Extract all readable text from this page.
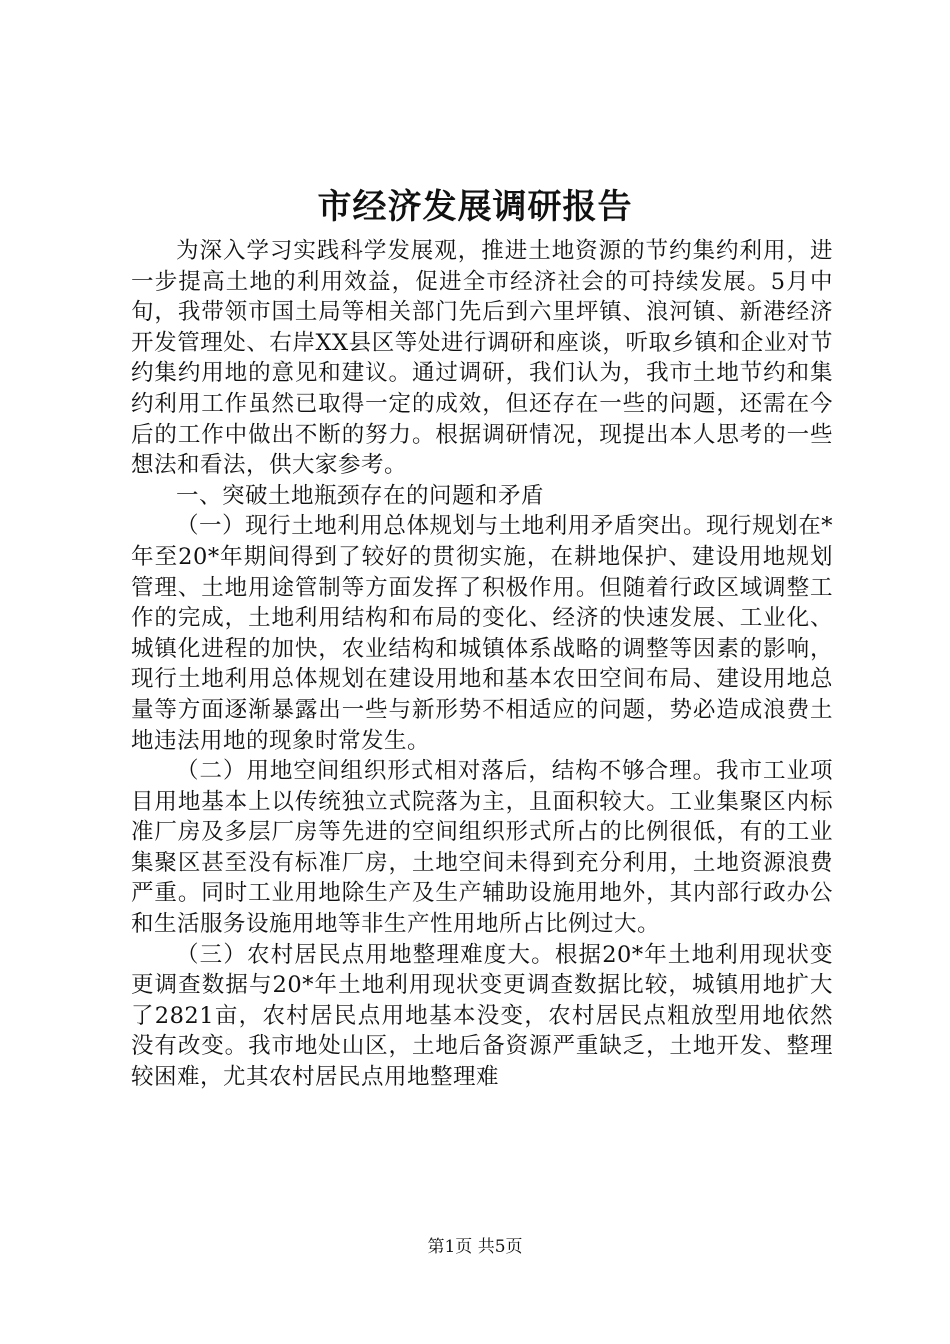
市经济发展调研报告

为深入学习实践科学发展观，推进土地资源的节约集约利用，进一步提高土地的利用效益，促进全市经济社会的可持续发展。5月中旬，我带领市国土局等相关部门先后到六里坪镇、浪河镇、新港经济开发管理处、右岸XX县区等处进行调研和座谈，听取乡镇和企业对节约集约用地的意见和建议。通过调研，我们认为，我市土地节约和集约利用工作虽然已取得一定的成效，但还存在一些的问题，还需在今后的工作中做出不断的努力。根据调研情况，现提出本人思考的一些想法和看法，供大家参考。

一、突破土地瓶颈存在的问题和矛盾

（一）现行土地利用总体规划与土地利用矛盾突出。现行规划在*年至20*年期间得到了较好的贯彻实施，在耕地保护、建设用地规划管理、土地用途管制等方面发挥了积极作用。但随着行政区域调整工作的完成，土地利用结构和布局的变化、经济的快速发展、工业化、城镇化进程的加快，农业结构和城镇体系战略的调整等因素的影响，现行土地利用总体规划在建设用地和基本农田空间布局、建设用地总量等方面逐渐暴露出一些与新形势不相适应的问题，势必造成浪费土地违法用地的现象时常发生。

（二）用地空间组织形式相对落后，结构不够合理。我市工业项目用地基本上以传统独立式院落为主，且面积较大。工业集聚区内标准厂房及多层厂房等先进的空间组织形式所占的比例很低，有的工业集聚区甚至没有标准厂房，土地空间未得到充分利用，土地资源浪费严重。同时工业用地除生产及生产辅助设施用地外，其内部行政办公和生活服务设施用地等非生产性用地所占比例过大。

（三）农村居民点用地整理难度大。根据20*年土地利用现状变更调查数据与20*年土地利用现状变更调查数据比较，城镇用地扩大了2821亩，农村居民点用地基本没变，农村居民点粗放型用地依然没有改变。我市地处山区，土地后备资源严重缺乏，土地开发、整理较困难，尤其农村居民点用地整理难

第1页 共5页
